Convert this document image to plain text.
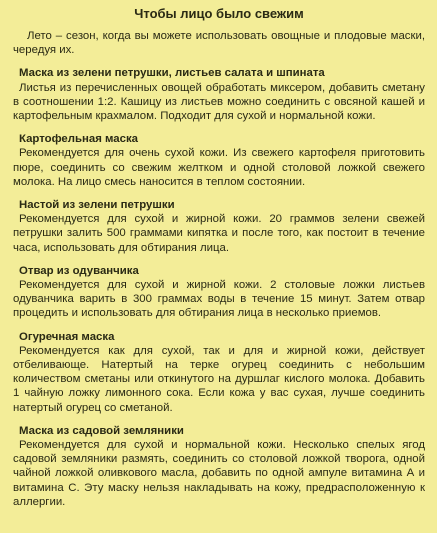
Чтобы лицо было свежим

Лето – сезон, когда вы можете использовать овощные и плодовые маски, чередуя их.

Маска из зелени петрушки, листьев салата и шпината

Листья из перечисленных овощей обработать миксером, добавить сметану в соотношении 1:2. Кашицу из листьев можно соединить с овсяной кашей и картофельным крахмалом. Подходит для сухой и нормальной кожи.

Картофельная маска

Рекомендуется для очень сухой кожи. Из свежего картофеля приготовить пюре, соединить со свежим желтком и одной столовой ложкой свежего молока. На лицо смесь наносится в теплом состоянии.

Настой из зелени петрушки

Рекомендуется для сухой и жирной кожи. 20 граммов зелени свежей петрушки залить 500 граммами кипятка и после того, как постоит в течение часа, использовать для обтирания лица.

Отвар из одуванчика

Рекомендуется для сухой и жирной кожи. 2 столовые ложки листьев одуванчика варить в 300 граммах воды в течение 15 минут. Затем отвар процедить и использовать для обтирания лица в несколько приемов.

Огуречная маска

Рекомендуется как для сухой, так и для и жирной кожи, действует отбеливающе. Натертый на терке огурец соединить с небольшим количеством сметаны или откинутого на дуршлаг кислого молока. Добавить 1 чайную ложку лимонного сока. Если кожа у вас сухая, лучше соединить натертый огурец со сметаной.

Маска из садовой земляники

Рекомендуется для сухой и нормальной кожи. Несколько спелых ягод садовой земляники размять, соединить со столовой ложкой творога, одной чайной ложкой оливкового масла, добавить по одной ампуле витамина А и витамина С. Эту маску нельзя накладывать на кожу, предрасположенную к аллергии.
